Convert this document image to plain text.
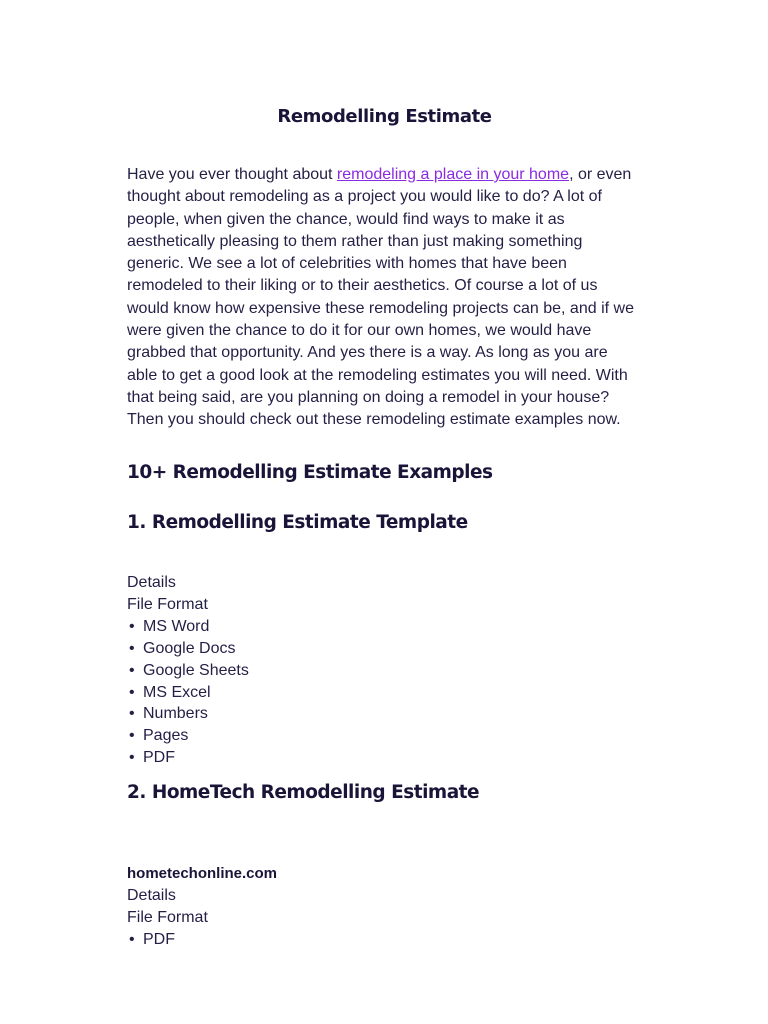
Remodelling Estimate

Have you ever thought about remodeling a place in your home, or even thought about remodeling as a project you would like to do? A lot of people, when given the chance, would find ways to make it as aesthetically pleasing to them rather than just making something generic. We see a lot of celebrities with homes that have been remodeled to their liking or to their aesthetics. Of course a lot of us would know how expensive these remodeling projects can be, and if we were given the chance to do it for our own homes, we would have grabbed that opportunity. And yes there is a way. As long as you are able to get a good look at the remodeling estimates you will need. With that being said, are you planning on doing a remodel in your house? Then you should check out these remodeling estimate examples now.

10+ Remodelling Estimate Examples
1. Remodelling Estimate Template
Details
File Format
• MS Word
• Google Docs
• Google Sheets
• MS Excel
• Numbers
• Pages
• PDF
2. HomeTech Remodelling Estimate
hometechonline.com
Details
File Format
• PDF
